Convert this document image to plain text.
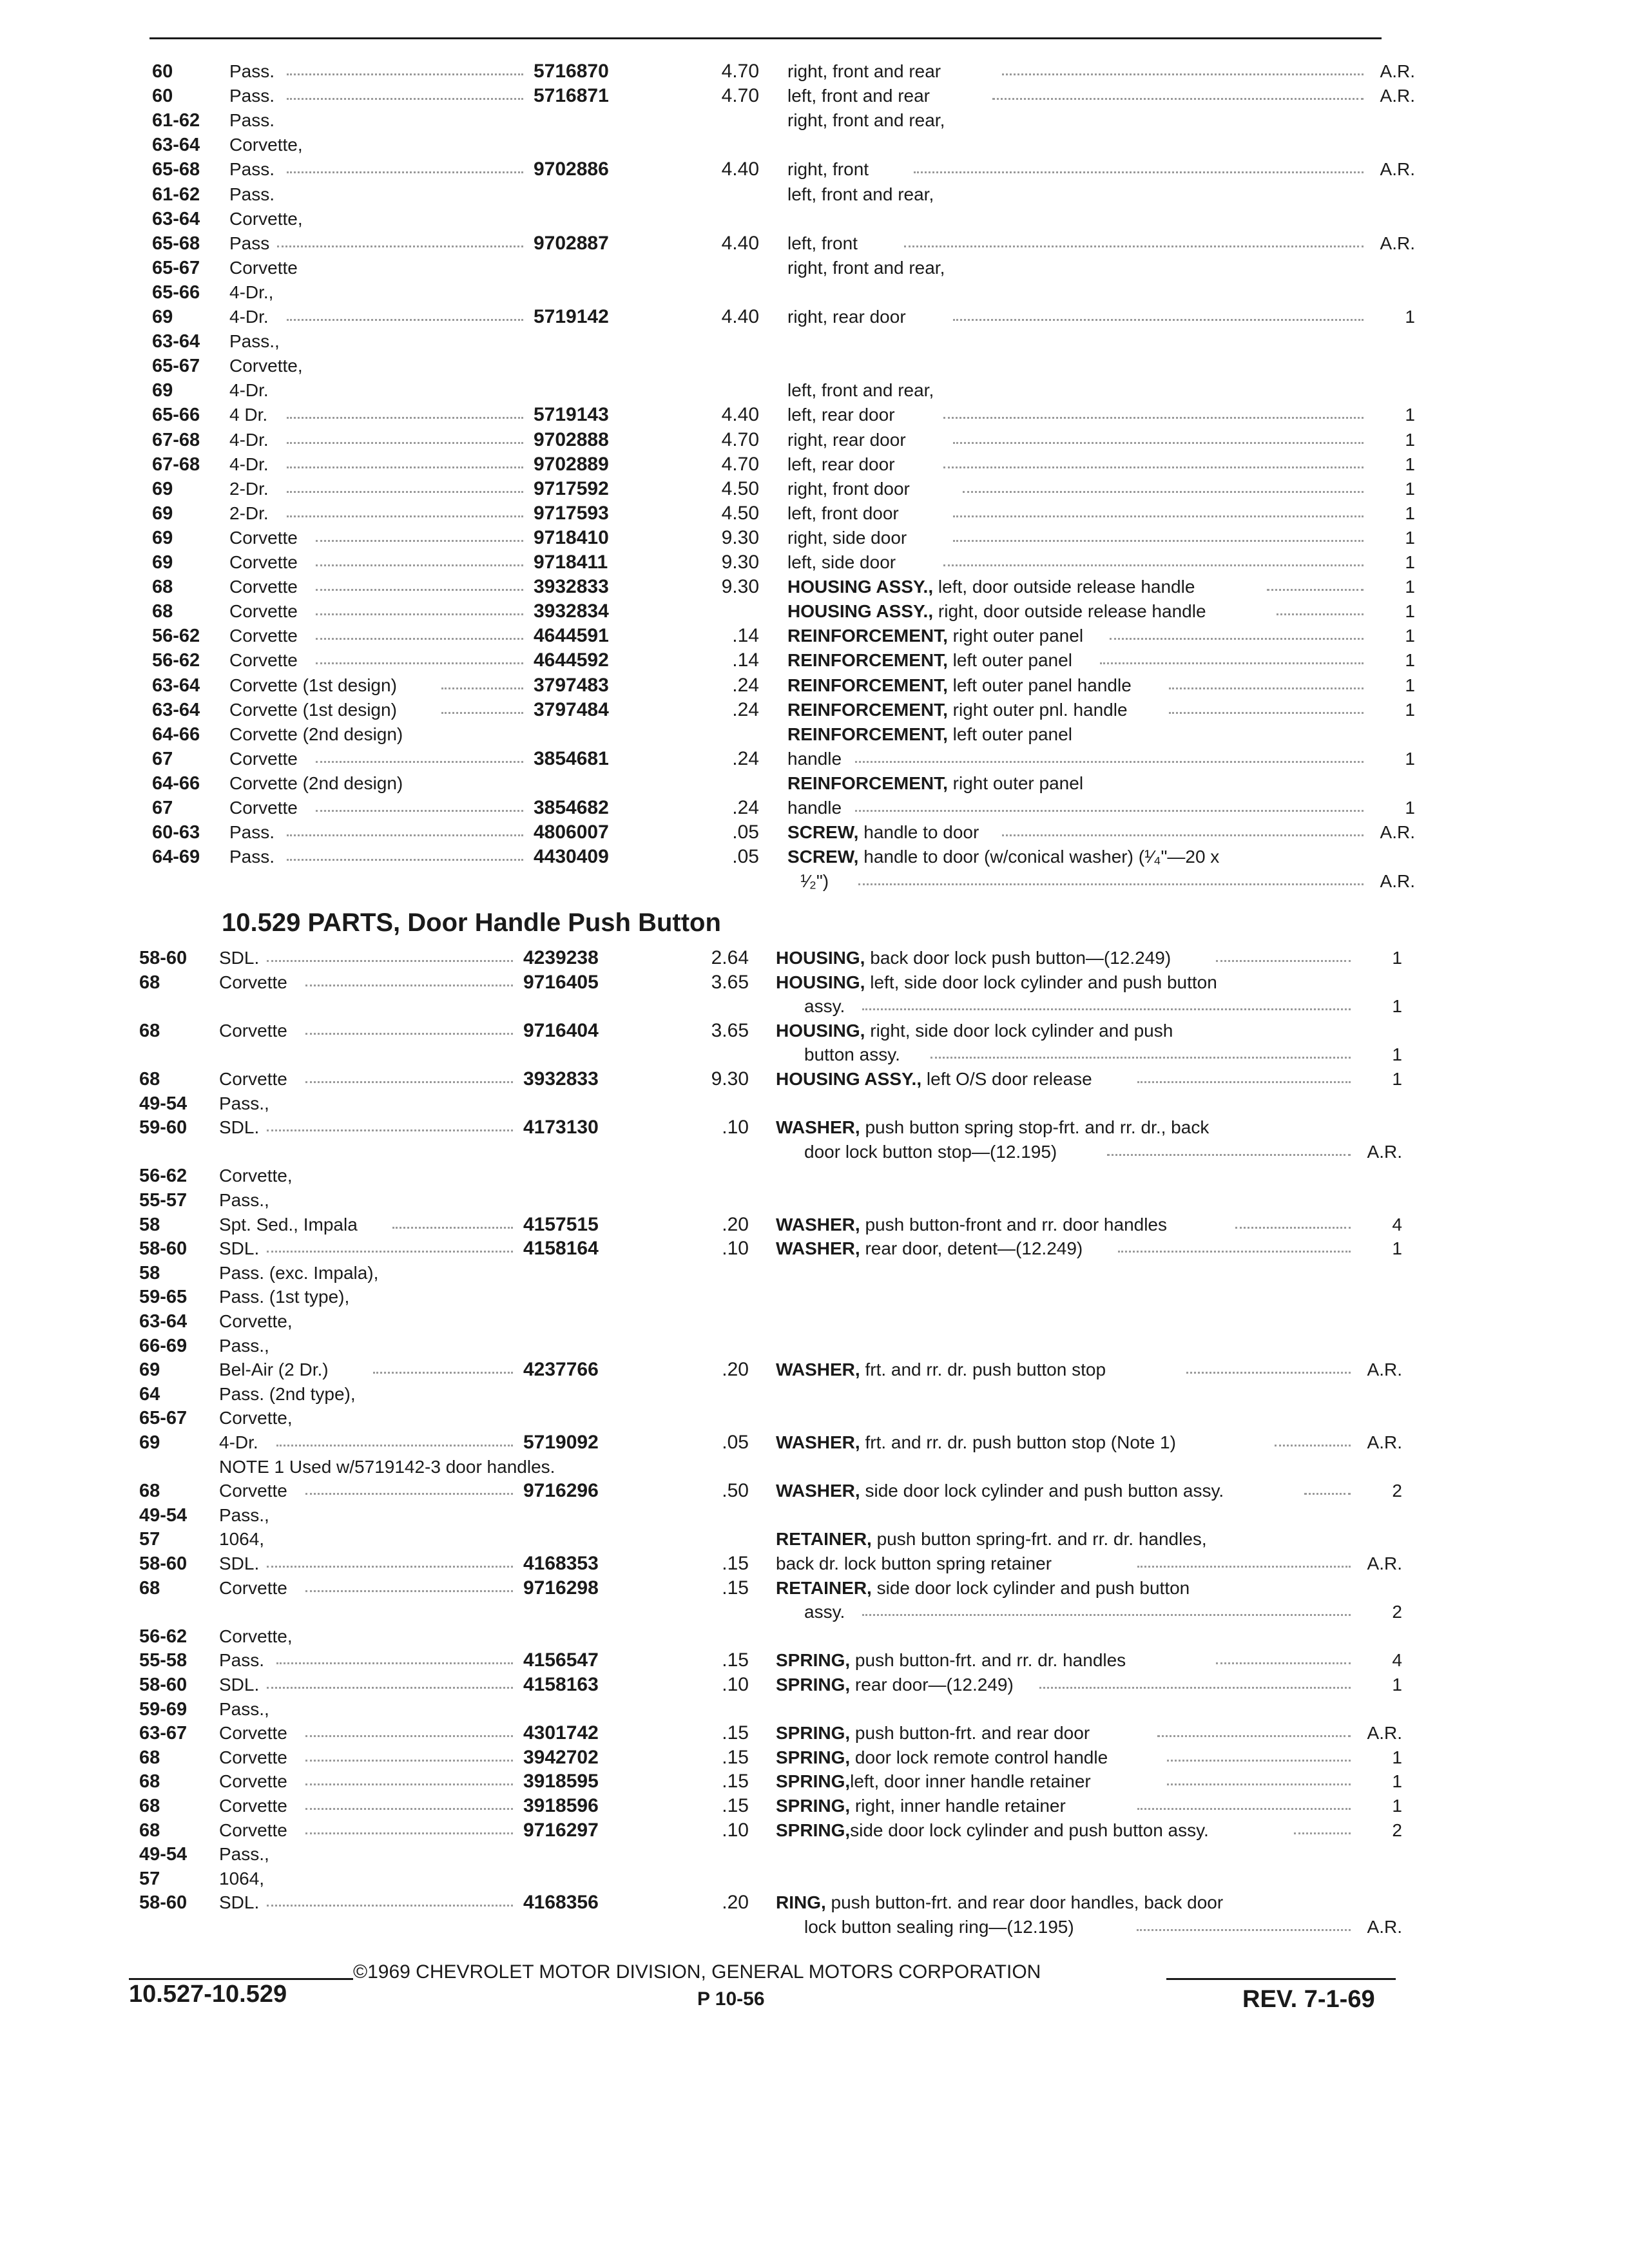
60	Pass.	5716870	4.70 right, front and rear	A.R.
60	Pass.	5716871	4.70 left, front and rear	A.R.
61-62 Pass.	right, front and rear,
63-64 Corvette,
65-68 Pass.	9702886	4.40 right, front	A.R.
61-62 Pass.	left, front and rear,
63-64 Corvette,
65-68 Pass	9702887	4.40 left, front	A.R.
65-67 Corvette	right, front and rear,
65-66 4-Dr.,
69	4-Dr.	5719142	4.40 right, rear door	1
63-64 Pass.,
65-67 Corvette,
69	4-Dr.	left, front and rear,
65-66 4 Dr.	5719143	4.40 left, rear door	1
67-68 4-Dr.	9702888	4.70 right, rear door	1
67-68 4-Dr.	9702889	4.70 left, rear door	1
69	2-Dr.	9717592	4.50 right, front door	1
69	2-Dr.	9717593	4.50 left, front door	1
69	Corvette	9718410	9.30 right, side door	1
69	Corvette	9718411	9.30 left, side door	1
68	Corvette	3932833	9.30 HOUSING ASSY., left, door outside release handle	1
68	Corvette	3932834	HOUSING ASSY., right, door outside release handle	1
56-62 Corvette	4644591	.14 REINFORCEMENT, right outer panel	1
56-62 Corvette	4644592	.14 REINFORCEMENT, left outer panel	1
63-64 Corvette (1st design)	3797483	.24 REINFORCEMENT, left outer panel handle	1
63-64 Corvette (1st design)	3797484	.24 REINFORCEMENT, right outer pnl. handle	1
64-66 Corvette (2nd design)	REINFORCEMENT, left outer panel
67	Corvette	3854681	.24 handle	1
64-66 Corvette (2nd design)	REINFORCEMENT, right outer panel
67	Corvette	3854682	.24 handle	1
60-63 Pass.	4806007	.05 SCREW, handle to door	A.R.
64-69 Pass.	4430409	.05 SCREW, handle to door (w/conical washer) (¹⁄₄"—20 x
¹⁄₂")	A.R.
10.529 PARTS, Door Handle Push Button
58-60 SDL.	4239238	2.64 HOUSING, back door lock push button—(12.249)	1
68	Corvette	9716405	3.65 HOUSING, left, side door lock cylinder and push button
assy.	1
68	Corvette	9716404	3.65 HOUSING, right, side door lock cylinder and push
button assy.	1
68	Corvette	3932833	9.30 HOUSING ASSY., left O/S door release	1
49-54 Pass.,
59-60 SDL.	4173130	.10 WASHER, push button spring stop-frt. and rr. dr., back
door lock button stop—(12.195)	A.R.
56-62 Corvette,
55-57 Pass.,
58	Spt. Sed., Impala	4157515	.20 WASHER, push button-front and rr. door handles	4
58-60 SDL.	4158164	.10 WASHER, rear door, detent—(12.249)	1
58	Pass. (exc. Impala),
59-65 Pass. (1st type),
63-64 Corvette,
66-69 Pass.,
69	Bel-Air (2 Dr.)	4237766	.20 WASHER, frt. and rr. dr. push button stop	A.R.
64	Pass. (2nd type),
65-67 Corvette,
69	4-Dr.	5719092	.05 WASHER, frt. and rr. dr. push button stop (Note 1)	A.R.
NOTE 1 Used w/5719142-3 door handles.
68	Corvette	9716296	.50 WASHER, side door lock cylinder and push button assy.	2
49-54 Pass.,
57	1064,	RETAINER, push button spring-frt. and rr. dr. handles,
58-60 SDL.	4168353	.15 back dr. lock button spring retainer	A.R.
68	Corvette	9716298	.15 RETAINER, side door lock cylinder and push button
assy.	2
56-62 Corvette,
55-58 Pass.	4156547	.15 SPRING, push button-frt. and rr. dr. handles	4
58-60 SDL.	4158163	.10 SPRING, rear door—(12.249)	1
59-69 Pass.,
63-67 Corvette	4301742	.15 SPRING, push button-frt. and rear door	A.R.
68	Corvette	3942702	.15 SPRING, door lock remote control handle	1
68	Corvette	3918595	.15 SPRING,left, door inner handle retainer	1
68	Corvette	3918596	.15 SPRING, right, inner handle retainer	1
68	Corvette	9716297	.10 SPRING,side door lock cylinder and push button assy.	2
49-54 Pass.,
57	1064,
58-60 SDL.	4168356	.20 RING, push button-frt. and rear door handles, back door
lock button sealing ring—(12.195)	A.R.
©1969 CHEVROLET MOTOR DIVISION, GENERAL MOTORS CORPORATION
10.527-10.529	P 10-56	REV. 7-1-69
